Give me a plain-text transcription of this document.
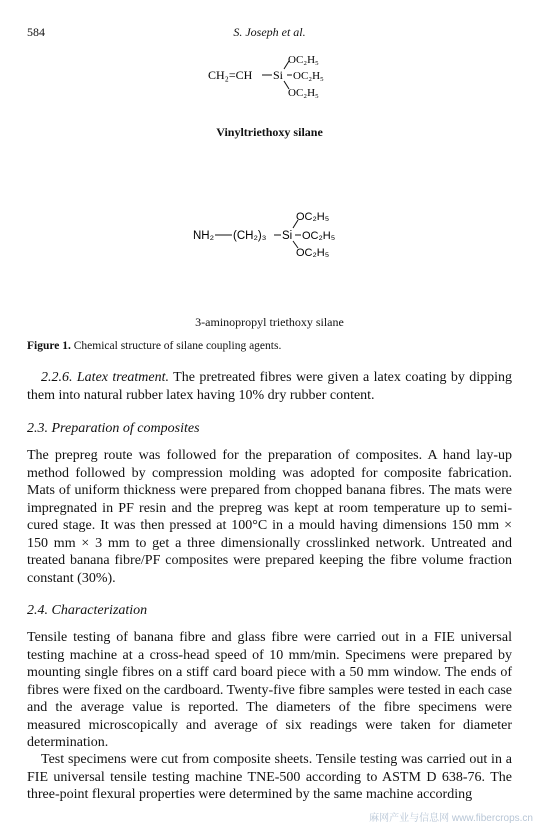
584	S. Joseph et al.
CH₂=CH Si
OC₂H₅
OC₂H₅
OC₂H₅
Vinyltriethoxy silane
NH₂ (CH₂)₃ Si
OC₂H₅
OC₂H₅
OC₂H₅
3-aminopropyl triethoxy silane
Figure 1. Chemical structure of silane coupling agents.
2.2.6. Latex treatment. The pretreated fibres were given a latex coating by dipping them into natural rubber latex having 10% dry rubber content.
2.3. Preparation of composites
The prepreg route was followed for the preparation of composites. A hand lay-up method followed by compression molding was adopted for composite fabrication. Mats of uniform thickness were prepared from chopped banana fibres. The mats were impregnated in PF resin and the prepreg was kept at room temperature up to semi-cured stage. It was then pressed at 100°C in a mould having dimensions 150 mm × 150 mm × 3 mm to get a three dimensionally crosslinked network. Untreated and treated banana fibre/PF composites were prepared keeping the fibre volume fraction constant (30%).
2.4. Characterization
Tensile testing of banana fibre and glass fibre were carried out in a FIE universal testing machine at a cross-head speed of 10 mm/min. Specimens were prepared by mounting single fibres on a stiff card board piece with a 50 mm window. The ends of fibres were fixed on the cardboard. Twenty-five fibre samples were tested in each case and the average value is reported. The diameters of the fibre specimens were measured microscopically and average of six readings were taken for diameter determination.
Test specimens were cut from composite sheets. Tensile testing was carried out in a FIE universal tensile testing machine TNE-500 according to ASTM D 638-76. The three-point flexural properties were determined by the same machine according
麻网产业与信息网 www.fibercrops.cn
